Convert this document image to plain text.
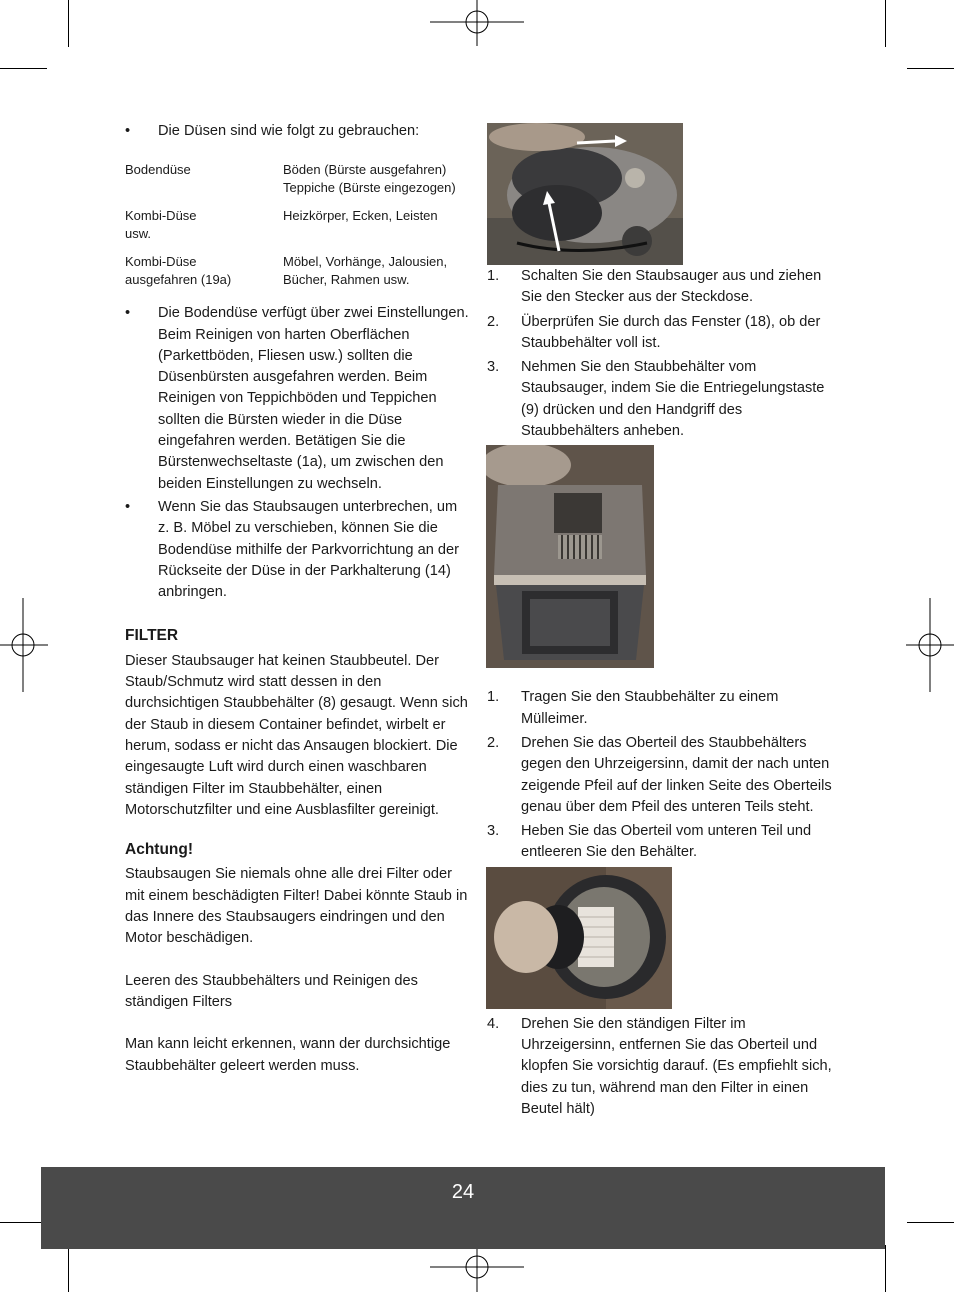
• Die Düsen sind wie folgt zu gebrauchen:
Bodendüse	Böden (Bürste ausgefahren)
Teppiche (Bürste eingezogen)
Kombi-Düse
usw.
Heizkörper, Ecken, Leisten
Kombi-Düse
ausgefahren (19a)
Möbel, Vorhänge, Jalousien,
Bücher, Rahmen usw.
• Die Bodendüse verfügt über zwei Einstellungen. Beim Reinigen von harten Oberflächen (Parkettböden, Fliesen usw.) sollten die Düsenbürsten ausgefahren werden. Beim Reinigen von Teppichböden und Teppichen sollten die Bürsten wieder in die Düse eingefahren werden. Betätigen Sie die Bürstenwechseltaste (1a), um zwischen den beiden Einstellungen zu wechseln.
• Wenn Sie das Staubsaugen unterbrechen, um z. B. Möbel zu verschieben, können Sie die Bodendüse mithilfe der Parkvorrichtung an der Rückseite der Düse in der Parkhalterung (14) anbringen.
FILTER

Dieser Staubsauger hat keinen Staubbeutel. Der Staub/Schmutz wird statt dessen in den durchsichtigen Staubbehälter (8) gesaugt. Wenn sich der Staub in diesem Container befindet, wirbelt er herum, sodass er nicht das Ansaugen blockiert. Die eingesaugte Luft wird durch einen waschbaren ständigen Filter im Staubbehälter, einen Motorschutzfilter und eine Ausblasfilter gereinigt.

Achtung!

Staubsaugen Sie niemals ohne alle drei Filter oder mit einem beschädigten Filter! Dabei könnte Staub in das Innere des Staubsaugers eindringen und den Motor beschädigen.

Leeren des Staubbehälters und Reinigen des ständigen Filters

Man kann leicht erkennen, wann der durchsichtige Staubbehälter geleert werden muss.

1. Schalten Sie den Staubsauger aus und ziehen Sie den Stecker aus der Steckdose.
2. Überprüfen Sie durch das Fenster (18), ob der Staubbehälter voll ist.
3. Nehmen Sie den Staubbehälter vom Staubsauger, indem Sie die Entriegelungstaste (9) drücken und den Handgriff des Staubbehälters anheben.
1. Tragen Sie den Staubbehälter zu einem Mülleimer.
2. Drehen Sie das Oberteil des Staubbehälters gegen den Uhrzeigersinn, damit der nach unten zeigende Pfeil auf der linken Seite des Oberteils genau über dem Pfeil des unteren Teils steht.
3. Heben Sie das Oberteil vom unteren Teil und entleeren Sie den Behälter.
4. Drehen Sie den ständigen Filter im Uhrzeigersinn, entfernen Sie das Oberteil und klopfen Sie vorsichtig darauf. (Es empfiehlt sich, dies zu tun, während man den Filter in einen Beutel hält)
24
